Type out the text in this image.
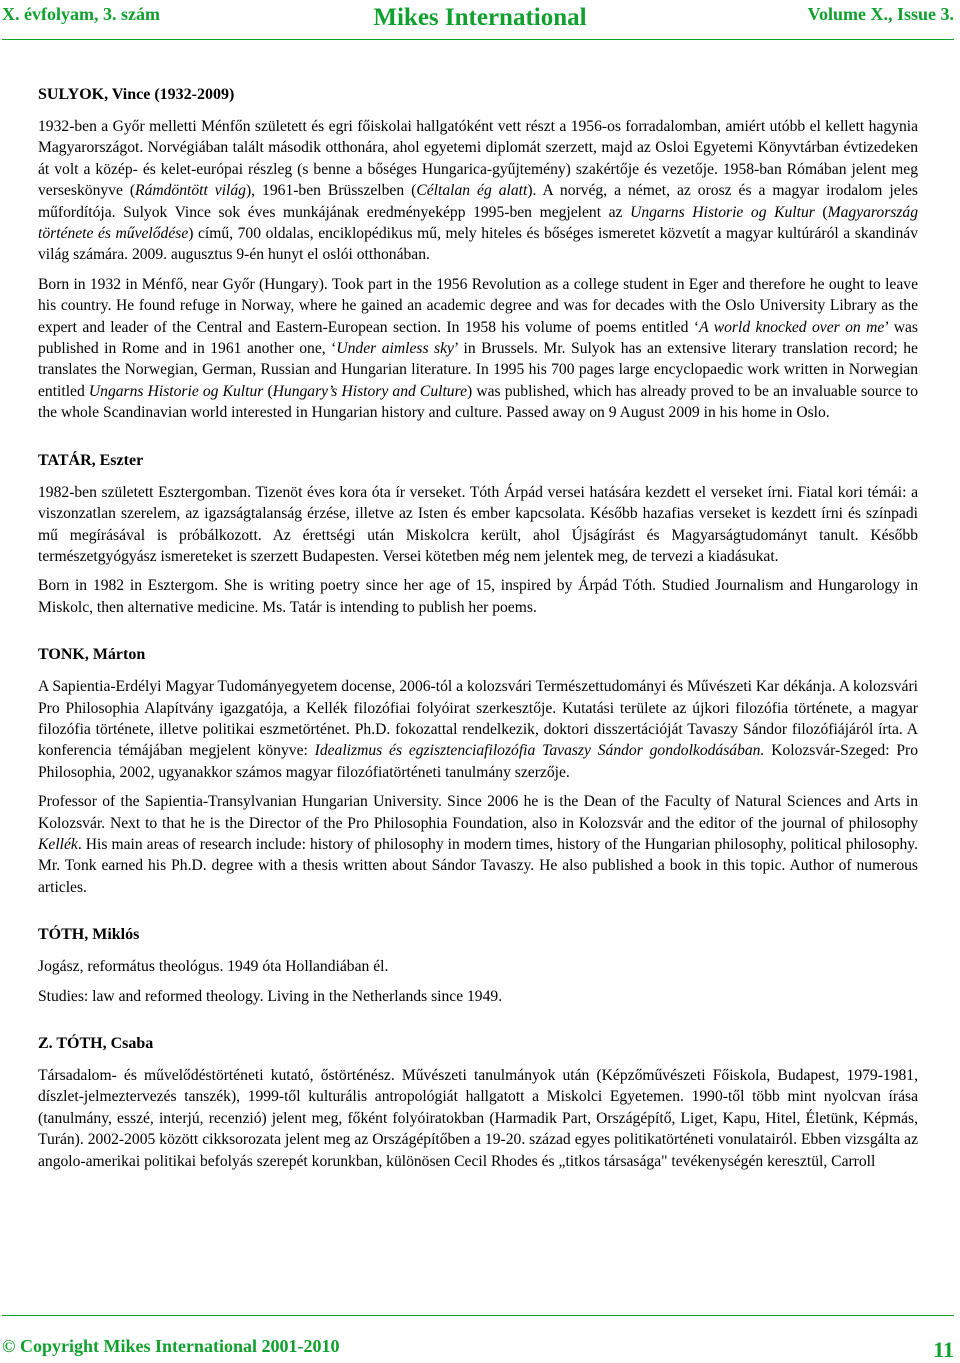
X. évfolyam, 3. szám	Mikes International	Volume X., Issue 3.
SULYOK, Vince (1932-2009)

1932-ben a Győr melletti Ménfőn született és egri főiskolai hallgatóként vett részt a 1956-os forradalomban, amiért utóbb el kellett hagynia Magyarországot. Norvégiában talált második otthonára, ahol egyetemi diplomát szerzett, majd az Osloi Egyetemi Könyvtárban évtizedeken át volt a közép- és kelet-európai részleg (s benne a bőséges Hungarica-gyűjtemény) szakértője és vezetője. 1958-ban Rómában jelent meg verseskönyve (Rámdöntött világ), 1961-ben Brüsszelben (Céltalan ég alatt). A norvég, a német, az orosz és a magyar irodalom jeles műfordítója. Sulyok Vince sok éves munkájának eredményeképp 1995-ben megjelent az Ungarns Historie og Kultur (Magyarország története és művelődése) című, 700 oldalas, enciklopédikus mű, mely hiteles és bőséges ismeretet közvetít a magyar kultúráról a skandináv világ számára. 2009. augusztus 9-én hunyt el oslói otthonában.

Born in 1932 in Ménfő, near Győr (Hungary). Took part in the 1956 Revolution as a college student in Eger and therefore he ought to leave his country. He found refuge in Norway, where he gained an academic degree and was for decades with the Oslo University Library as the expert and leader of the Central and Eastern-European section. In 1958 his volume of poems entitled ‘A world knocked over on me’ was published in Rome and in 1961 another one, ‘Under aimless sky’ in Brussels. Mr. Sulyok has an extensive literary translation record; he translates the Norwegian, German, Russian and Hungarian literature. In 1995 his 700 pages large encyclopaedic work written in Norwegian entitled Ungarns Historie og Kultur (Hungary’s History and Culture) was published, which has already proved to be an invaluable source to the whole Scandinavian world interested in Hungarian history and culture. Passed away on 9 August 2009 in his home in Oslo.

TATÁR, Eszter

1982-ben született Esztergomban. Tizenöt éves kora óta ír verseket. Tóth Árpád versei hatására kezdett el verseket írni. Fiatal kori témái: a viszonzatlan szerelem, az igazságtalanság érzése, illetve az Isten és ember kapcsolata. Később hazafias verseket is kezdett írni és színpadi mű megírásával is próbálkozott. Az érettségi után Miskolcra került, ahol Újságírást és Magyarságtudományt tanult. Később természetgyógyász ismereteket is szerzett Budapesten. Versei kötetben még nem jelentek meg, de tervezi a kiadásukat.

Born in 1982 in Esztergom. She is writing poetry since her age of 15, inspired by Árpád Tóth. Studied Journalism and Hungarology in Miskolc, then alternative medicine. Ms. Tatár is intending to publish her poems.

TONK, Márton

A Sapientia-Erdélyi Magyar Tudományegyetem docense, 2006-tól a kolozsvári Természettudományi és Művészeti Kar dékánja. A kolozsvári Pro Philosophia Alapítvány igazgatója, a Kellék filozófiai folyóirat szerkesztője. Kutatási területe az újkori filozófia története, a magyar filozófia története, illetve politikai eszmetörténet. Ph.D. fokozattal rendelkezik, doktori disszertációját Tavaszy Sándor filozófiájáról írta. A konferencia témájában megjelent könyve: Idealizmus és egzisztenciafilozófia Tavaszy Sándor gondolkodásában. Kolozsvár-Szeged: Pro Philosophia, 2002, ugyanakkor számos magyar filozófiatörténeti tanulmány szerzője.

Professor of the Sapientia-Transylvanian Hungarian University. Since 2006 he is the Dean of the Faculty of Natural Sciences and Arts in Kolozsvár. Next to that he is the Director of the Pro Philosophia Foundation, also in Kolozsvár and the editor of the journal of philosophy Kellék. His main areas of research include: history of philosophy in modern times, history of the Hungarian philosophy, political philosophy. Mr. Tonk earned his Ph.D. degree with a thesis written about Sándor Tavaszy. He also published a book in this topic. Author of numerous articles.

TÓTH, Miklós

Jogász, református theológus. 1949 óta Hollandiában él.

Studies: law and reformed theology. Living in the Netherlands since 1949.

Z. TÓTH, Csaba

Társadalom- és művelődéstörténeti kutató, őstörténész. Művészeti tanulmányok után (Képzőművészeti Főiskola, Budapest, 1979-1981, díszlet-jelmeztervezés tanszék), 1999-től kulturális antropológiát hallgatott a Miskolci Egyetemen. 1990-től több mint nyolcvan írása (tanulmány, esszé, interjú, recenzió) jelent meg, főként folyóiratokban (Harmadik Part, Országépítő, Liget, Kapu, Hitel, Életünk, Képmás, Turán). 2002-2005 között cikksorozata jelent meg az Országépítőben a 19-20. század egyes politikatörténeti vonulatairól. Ebben vizsgálta az angolo-amerikai politikai befolyás szerepét korunkban, különösen Cecil Rhodes és „titkos társasága" tevékenységén keresztül, Carroll

© Copyright Mikes International 2001-2010	11
